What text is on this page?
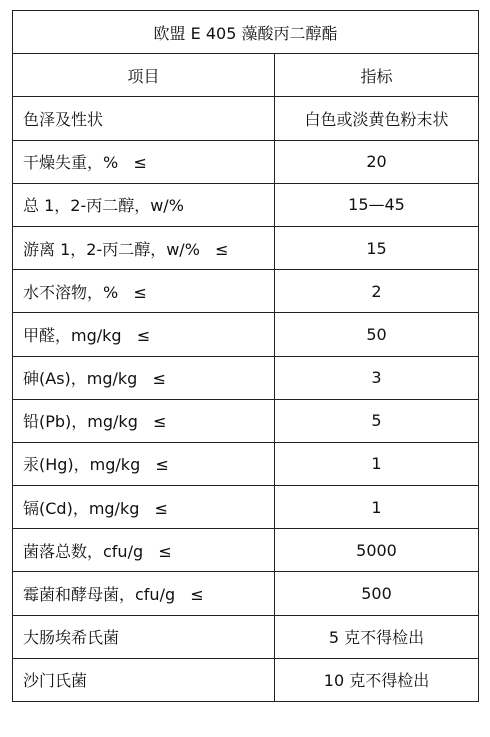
欧盟 E 405 藻酸丙二醇酯	
项目	指标
色泽及性状	白色或淡黄色粉末状
干燥失重，%   ≤	20
总 1，2-丙二醇，w/%	15—45
游离 1，2-丙二醇，w/%   ≤	15
水不溶物，%   ≤	2
甲醛，mg/kg   ≤	50
砷(As)，mg/kg   ≤	3
铅(Pb)，mg/kg   ≤	5
汞(Hg)，mg/kg   ≤	1
镉(Cd)，mg/kg   ≤	1
菌落总数，cfu/g   ≤	5000
霉菌和酵母菌，cfu/g   ≤	500
大肠埃希氏菌	5 克不得检出
沙门氏菌	10 克不得检出
